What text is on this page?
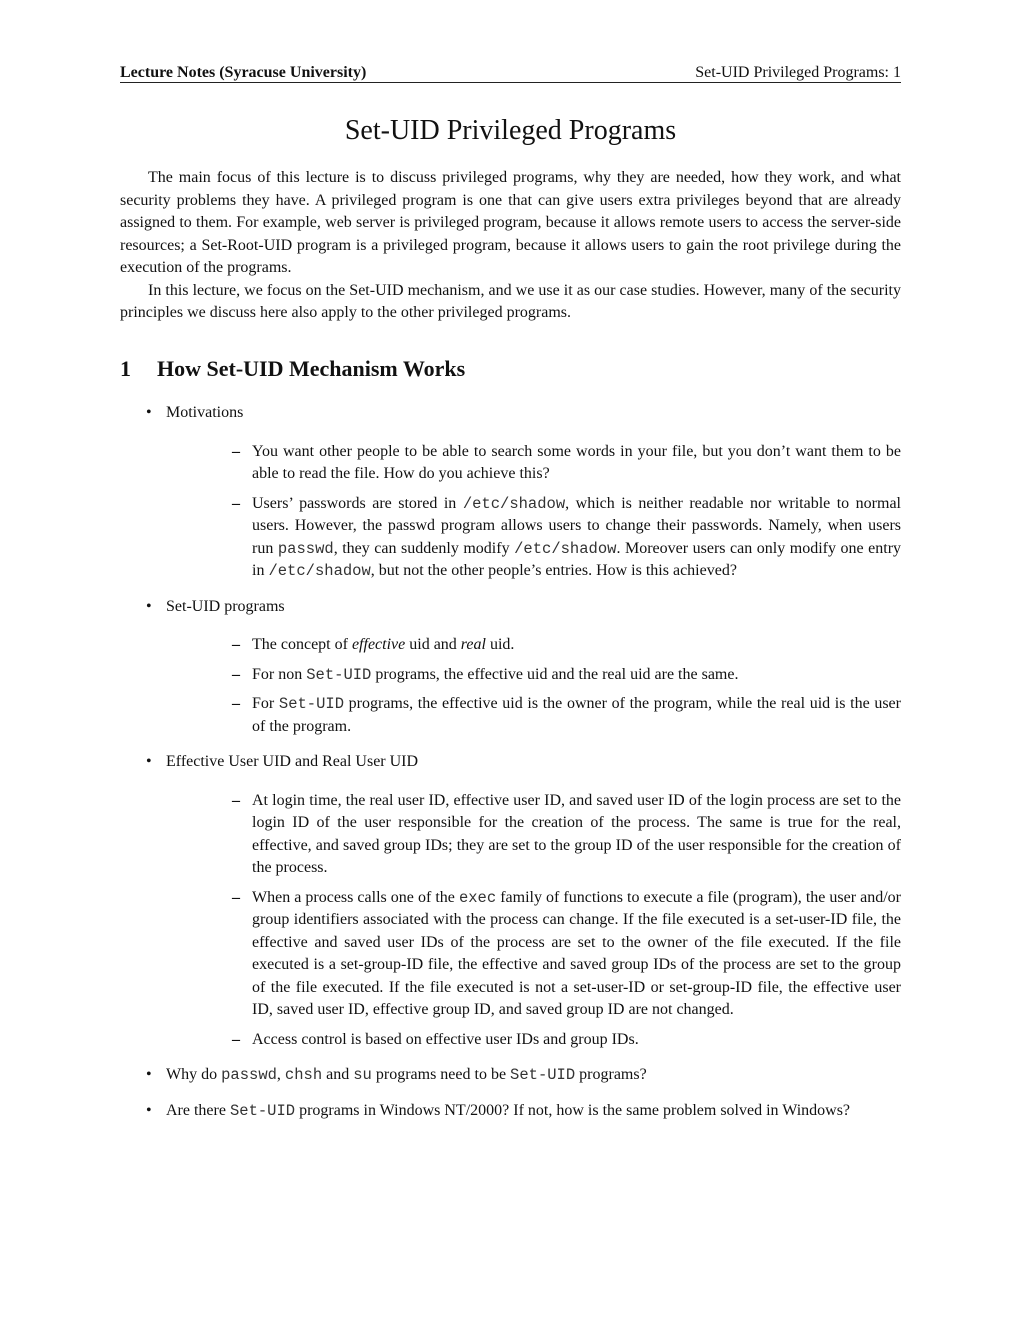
Lecture Notes (Syracuse University)	Set-UID Privileged Programs: 1
Set-UID Privileged Programs

The main focus of this lecture is to discuss privileged programs, why they are needed, how they work, and what security problems they have. A privileged program is one that can give users extra privileges beyond that are already assigned to them. For example, web server is privileged program, because it allows remote users to access the server-side resources; a Set-Root-UID program is a privileged program, because it allows users to gain the root privilege during the execution of the programs.

In this lecture, we focus on the Set-UID mechanism, and we use it as our case studies. However, many of the security principles we discuss here also apply to the other privileged programs.

1 How Set-UID Mechanism Works
• Motivations
– You want other people to be able to search some words in your file, but you don’t want them to be able to read the file. How do you achieve this?
– Users’ passwords are stored in /etc/shadow, which is neither readable nor writable to normal users. However, the passwd program allows users to change their passwords. Namely, when users run passwd, they can suddenly modify /etc/shadow. Moreover users can only modify one entry in /etc/shadow, but not the other people’s entries. How is this achieved?
• Set-UID programs
– The concept of effective uid and real uid.
– For non Set-UID programs, the effective uid and the real uid are the same.
– For Set-UID programs, the effective uid is the owner of the program, while the real uid is the user of the program.
• Effective User UID and Real User UID
– At login time, the real user ID, effective user ID, and saved user ID of the login process are set to the login ID of the user responsible for the creation of the process. The same is true for the real, effective, and saved group IDs; they are set to the group ID of the user responsible for the creation of the process.
– When a process calls one of the exec family of functions to execute a file (program), the user and/or group identifiers associated with the process can change. If the file executed is a set-user-ID file, the effective and saved user IDs of the process are set to the owner of the file executed. If the file executed is a set-group-ID file, the effective and saved group IDs of the process are set to the group of the file executed. If the file executed is not a set-user-ID or set-group-ID file, the effective user ID, saved user ID, effective group ID, and saved group ID are not changed.
– Access control is based on effective user IDs and group IDs.
• Why do passwd, chsh and su programs need to be Set-UID programs?
• Are there Set-UID programs in Windows NT/2000? If not, how is the same problem solved in Windows?
